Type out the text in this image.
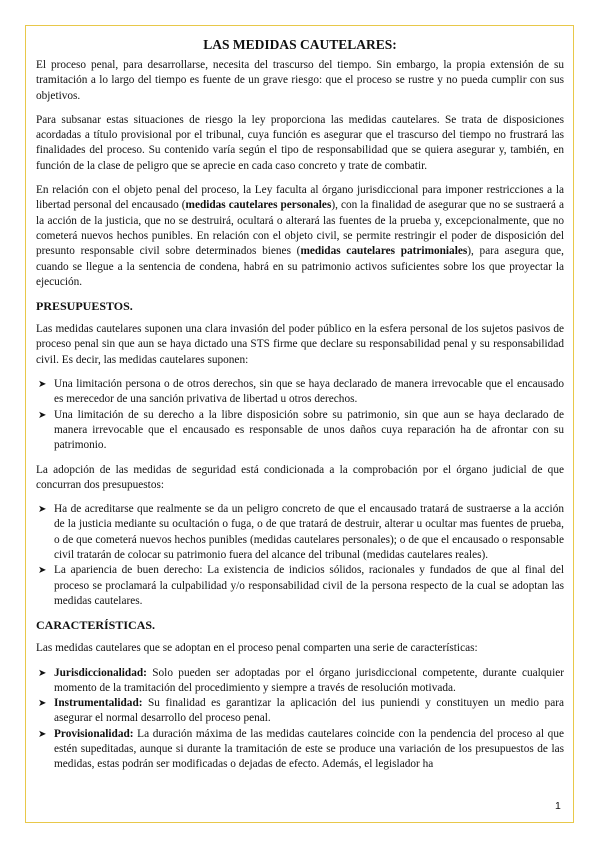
LAS MEDIDAS CAUTELARES:

El proceso penal, para desarrollarse, necesita del trascurso del tiempo. Sin embargo, la propia extensión de su tramitación a lo largo del tiempo es fuente de un grave riesgo: que el proceso se rustre y no pueda cumplir con sus objetivos.

Para subsanar estas situaciones de riesgo la ley proporciona las medidas cautelares. Se trata de disposiciones acordadas a título provisional por el tribunal, cuya función es asegurar que el trascurso del tiempo no frustrará las finalidades del proceso. Su contenido varía según el tipo de responsabilidad que se quiera asegurar y, también, en función de la clase de peligro que se aprecie en cada caso concreto y trate de combatir.

En relación con el objeto penal del proceso, la Ley faculta al órgano jurisdiccional para imponer restricciones a la libertad personal del encausado (medidas cautelares personales), con la finalidad de asegurar que no se sustraerá a la acción de la justicia, que no se destruirá, ocultará o alterará las fuentes de la prueba y, excepcionalmente, que no cometerá nuevos hechos punibles. En relación con el objeto civil, se permite restringir el poder de disposición del presunto responsable civil sobre determinados bienes (medidas cautelares patrimoniales), para asegura que, cuando se llegue a la sentencia de condena, habrá en su patrimonio activos suficientes sobre los que proyectar la ejecución.

PRESUPUESTOS.

Las medidas cautelares suponen una clara invasión del poder público en la esfera personal de los sujetos pasivos de proceso penal sin que aun se haya dictado una STS firme que declare su responsabilidad penal y su responsabilidad civil. Es decir, las medidas cautelares suponen:

➤ Una limitación persona o de otros derechos, sin que se haya declarado de manera irrevocable que el encausado es merecedor de una sanción privativa de libertad u otros derechos.
➤ Una limitación de su derecho a la libre disposición sobre su patrimonio, sin que aun se haya declarado de manera irrevocable que el encausado es responsable de unos daños cuya reparación ha de afrontar con su patrimonio.

La adopción de las medidas de seguridad está condicionada a la comprobación por el órgano judicial de que concurran dos presupuestos:

➤ Ha de acreditarse que realmente se da un peligro concreto de que el encausado tratará de sustraerse a la acción de la justicia mediante su ocultación o fuga, o de que tratará de destruir, alterar u ocultar mas fuentes de prueba, o de que cometerá nuevos hechos punibles (medidas cautelares personales); o de que el encausado o responsable civil tratarán de colocar su patrimonio fuera del alcance del tribunal (medidas cautelares reales).
➤ La apariencia de buen derecho: La existencia de indicios sólidos, racionales y fundados de que al final del proceso se proclamará la culpabilidad y/o responsabilidad civil de la persona respecto de la cual se adoptan las medidas cautelares.
CARACTERÍSTICAS.

Las medidas cautelares que se adoptan en el proceso penal comparten una serie de características:

➤ Jurisdiccionalidad: Solo pueden ser adoptadas por el órgano jurisdiccional competente, durante cualquier momento de la tramitación del procedimiento y siempre a través de resolución motivada.
➤ Instrumentalidad: Su finalidad es garantizar la aplicación del ius puniendi y constituyen un medio para asegurar el normal desarrollo del proceso penal.
➤ Provisionalidad: La duración máxima de las medidas cautelares coincide con la pendencia del proceso al que estén supeditadas, aunque si durante la tramitación de este se produce una variación de los presupuestos de las medidas, estas podrán ser modificadas o dejadas de efecto. Además, el legislador ha
1
